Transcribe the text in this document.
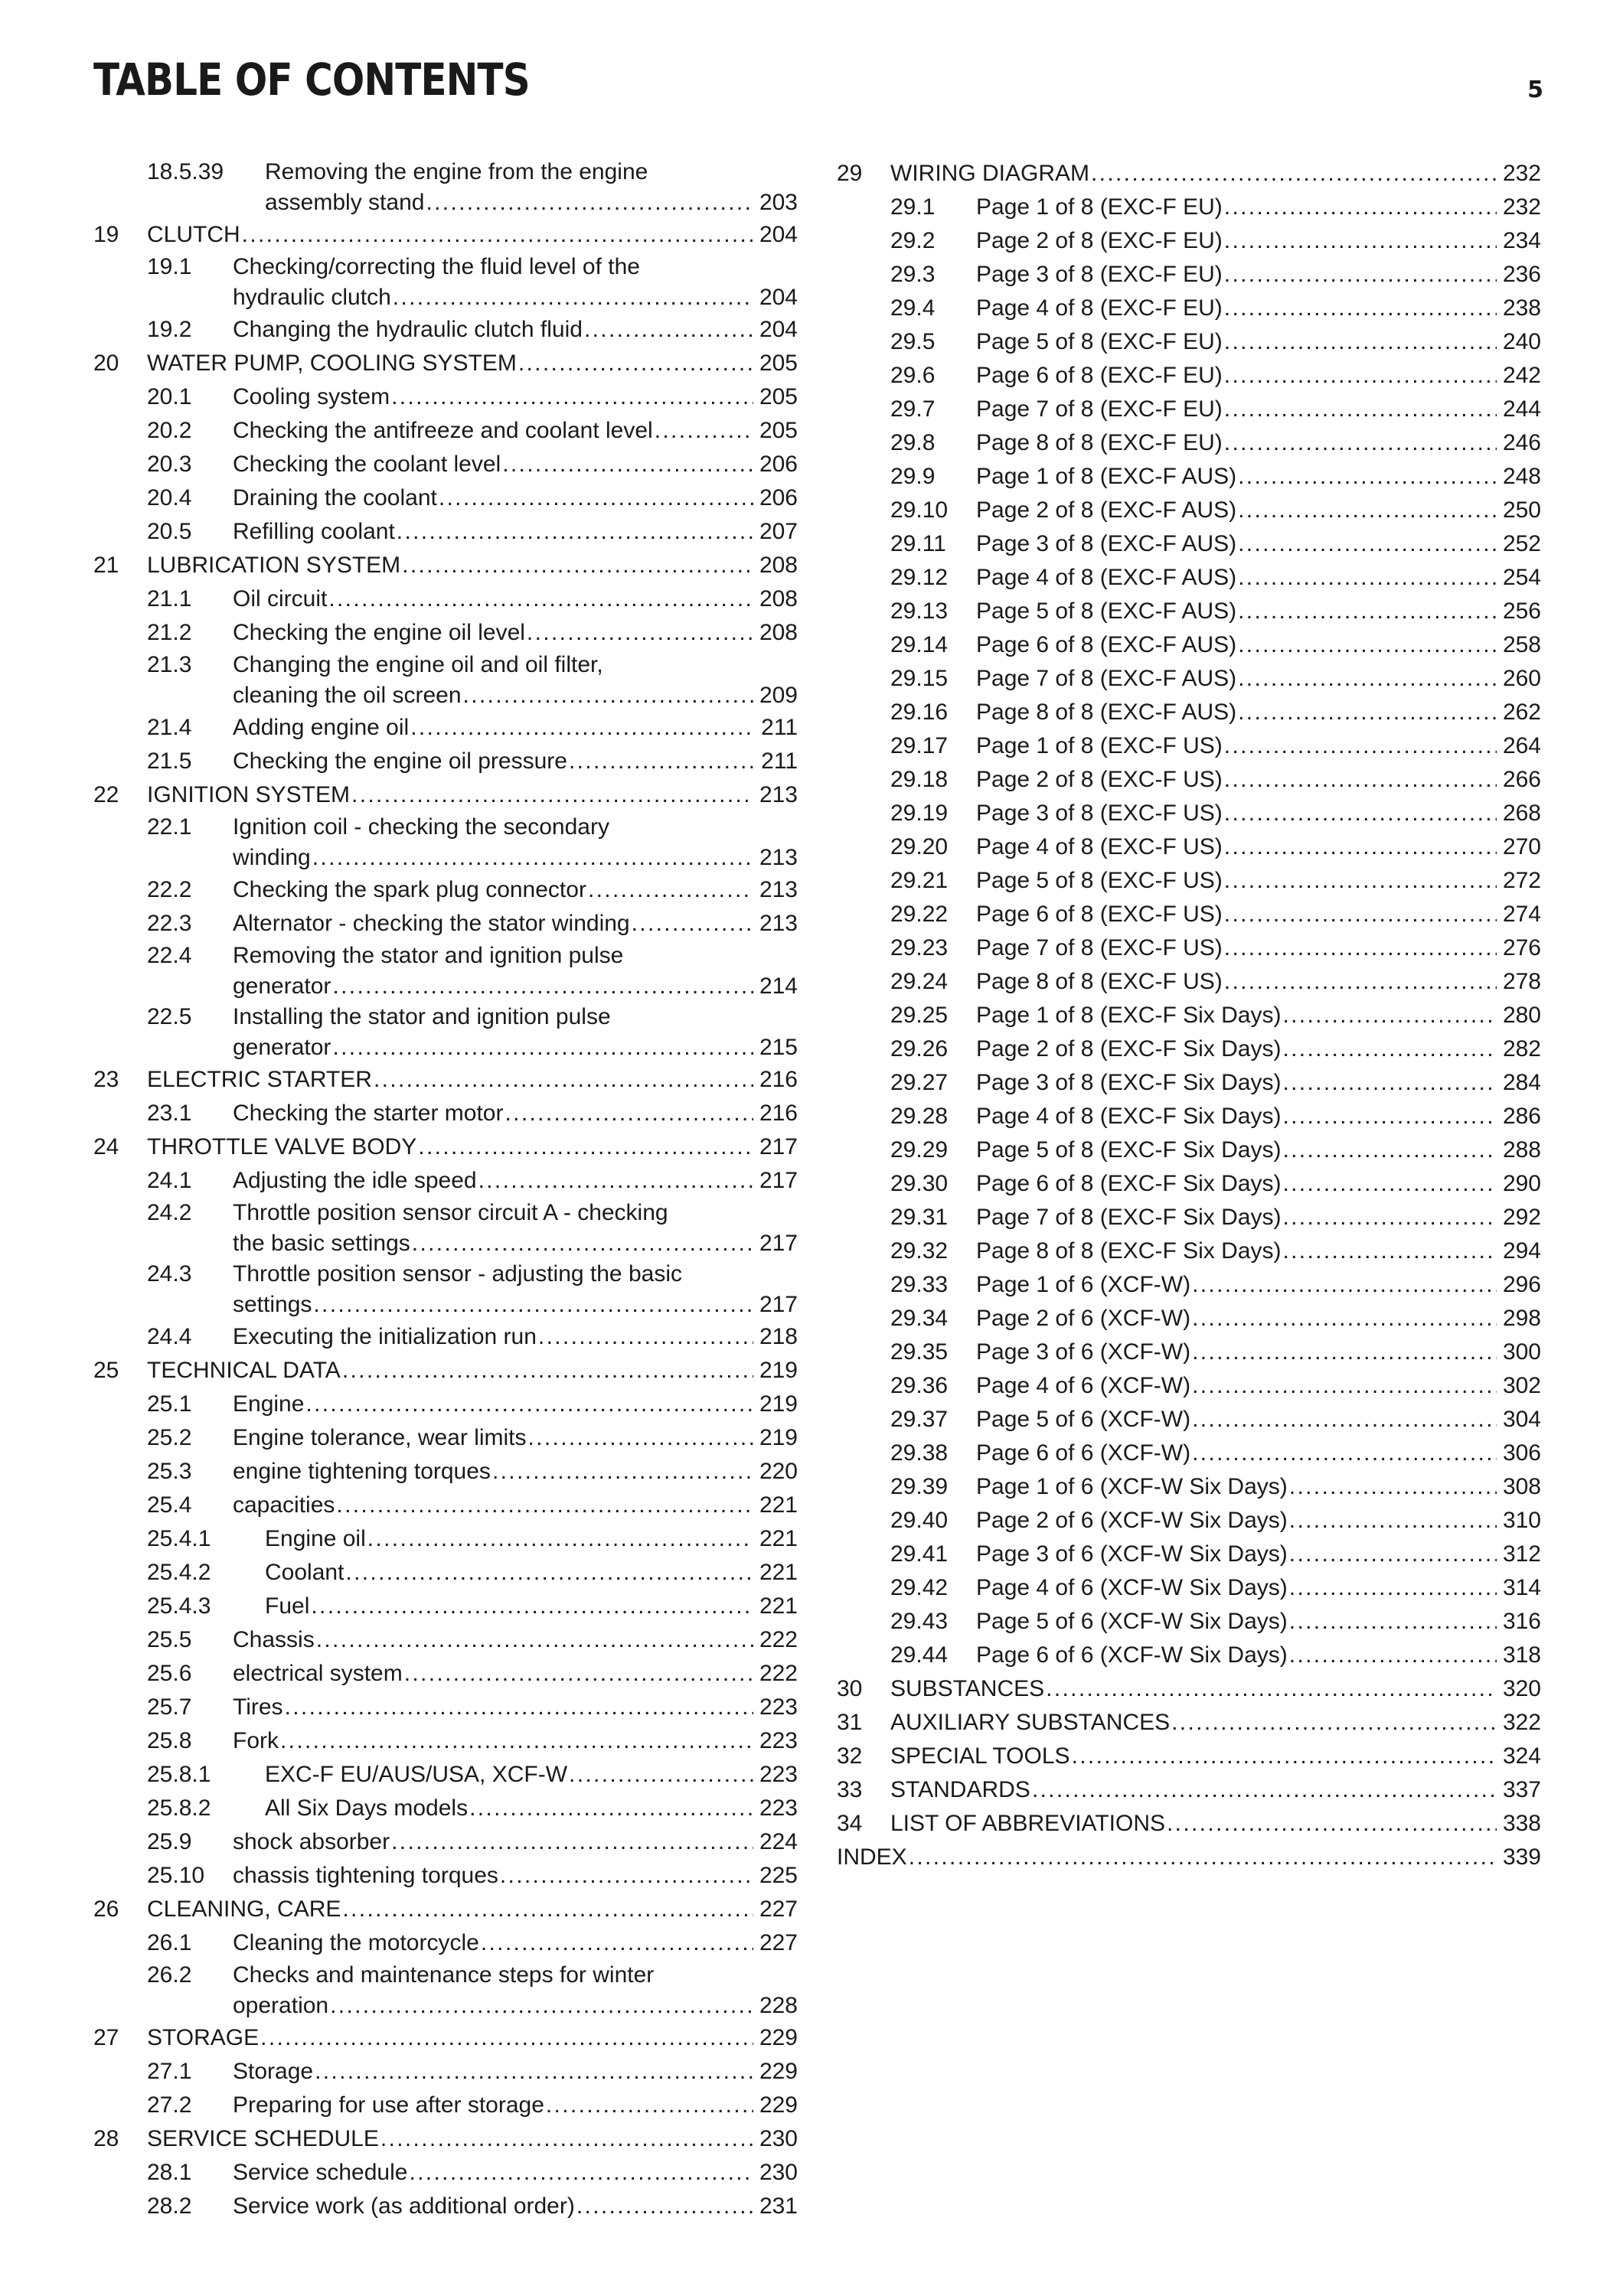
TABLE OF CONTENTS	5
18.5.39	Removing the engine from the engine
assembly stand . . .	203
19	CLUTCH . . .	204
19.1	Checking/correcting the fluid level of the
hydraulic clutch . . .	204
19.2	Changing the hydraulic clutch fluid . . .	204
20	WATER PUMP, COOLING SYSTEM . . .	205
20.1	Cooling system . . .	205
20.2	Checking the antifreeze and coolant level . . .	205
20.3	Checking the coolant level . . .	206
20.4	Draining the coolant . . .	206
20.5	Refilling coolant . . .	207
21	LUBRICATION SYSTEM . . .	208
21.1	Oil circuit . . .	208
21.2	Checking the engine oil level . . .	208
21.3	Changing the engine oil and oil filter,
cleaning the oil screen . . .	209
21.4	Adding engine oil . . .	211
21.5	Checking the engine oil pressure . . .	211
22	IGNITION SYSTEM . . .	213
22.1	Ignition coil - checking the secondary
winding . . .	213
22.2	Checking the spark plug connector . . .	213
22.3	Alternator - checking the stator winding . . .	213
22.4	Removing the stator and ignition pulse
generator . . .	214
22.5	Installing the stator and ignition pulse
generator . . .	215
23	ELECTRIC STARTER . . .	216
23.1	Checking the starter motor . . .	216
24	THROTTLE VALVE BODY . . .	217
24.1	Adjusting the idle speed . . .	217
24.2	Throttle position sensor circuit A - checking
the basic settings . . .	217
24.3	Throttle position sensor - adjusting the basic
settings . . .	217
24.4	Executing the initialization run . . .	218
25	TECHNICAL DATA . . .	219
25.1	Engine . . .	219
25.2	Engine tolerance, wear limits . . .	219
25.3	engine tightening torques . . .	220
25.4	capacities . . .	221
25.4.1	Engine oil . . .	221
25.4.2	Coolant . . .	221
25.4.3	Fuel . . .	221
25.5	Chassis . . .	222
25.6	electrical system . . .	222
25.7	Tires . . .	223
25.8	Fork . . .	223
25.8.1	EXC-F EU/AUS/USA, XCF-W . . .	223
25.8.2	All Six Days models . . .	223
25.9	shock absorber . . .	224
25.10	chassis tightening torques . . .	225
26	CLEANING, CARE . . .	227
26.1	Cleaning the motorcycle . . .	227
26.2	Checks and maintenance steps for winter
operation . . .	228
27	STORAGE . . .	229
27.1	Storage . . .	229
27.2	Preparing for use after storage . . .	229
28	SERVICE SCHEDULE . . .	230
28.1	Service schedule . . .	230
28.2	Service work (as additional order) . . .	231
29	WIRING DIAGRAM . . .	232
29.1	Page 1 of 8 (EXC-F EU) . . .	232
29.2	Page 2 of 8 (EXC-F EU) . . .	234
29.3	Page 3 of 8 (EXC-F EU) . . .	236
29.4	Page 4 of 8 (EXC-F EU) . . .	238
29.5	Page 5 of 8 (EXC-F EU) . . .	240
29.6	Page 6 of 8 (EXC-F EU) . . .	242
29.7	Page 7 of 8 (EXC-F EU) . . .	244
29.8	Page 8 of 8 (EXC-F EU) . . .	246
29.9	Page 1 of 8 (EXC-F AUS) . . .	248
29.10	Page 2 of 8 (EXC-F AUS) . . .	250
29.11	Page 3 of 8 (EXC-F AUS) . . .	252
29.12	Page 4 of 8 (EXC-F AUS) . . .	254
29.13	Page 5 of 8 (EXC-F AUS) . . .	256
29.14	Page 6 of 8 (EXC-F AUS) . . .	258
29.15	Page 7 of 8 (EXC-F AUS) . . .	260
29.16	Page 8 of 8 (EXC-F AUS) . . .	262
29.17	Page 1 of 8 (EXC-F US) . . .	264
29.18	Page 2 of 8 (EXC-F US) . . .	266
29.19	Page 3 of 8 (EXC-F US) . . .	268
29.20	Page 4 of 8 (EXC-F US) . . .	270
29.21	Page 5 of 8 (EXC-F US) . . .	272
29.22	Page 6 of 8 (EXC-F US) . . .	274
29.23	Page 7 of 8 (EXC-F US) . . .	276
29.24	Page 8 of 8 (EXC-F US) . . .	278
29.25	Page 1 of 8 (EXC-F Six Days) . . .	280
29.26	Page 2 of 8 (EXC-F Six Days) . . .	282
29.27	Page 3 of 8 (EXC-F Six Days) . . .	284
29.28	Page 4 of 8 (EXC-F Six Days) . . .	286
29.29	Page 5 of 8 (EXC-F Six Days) . . .	288
29.30	Page 6 of 8 (EXC-F Six Days) . . .	290
29.31	Page 7 of 8 (EXC-F Six Days) . . .	292
29.32	Page 8 of 8 (EXC-F Six Days) . . .	294
29.33	Page 1 of 6 (XCF-W) . . .	296
29.34	Page 2 of 6 (XCF-W) . . .	298
29.35	Page 3 of 6 (XCF-W) . . .	300
29.36	Page 4 of 6 (XCF-W) . . .	302
29.37	Page 5 of 6 (XCF-W) . . .	304
29.38	Page 6 of 6 (XCF-W) . . .	306
29.39	Page 1 of 6 (XCF-W Six Days) . . .	308
29.40	Page 2 of 6 (XCF-W Six Days) . . .	310
29.41	Page 3 of 6 (XCF-W Six Days) . . .	312
29.42	Page 4 of 6 (XCF-W Six Days) . . .	314
29.43	Page 5 of 6 (XCF-W Six Days) . . .	316
29.44	Page 6 of 6 (XCF-W Six Days) . . .	318
30	SUBSTANCES . . .	320
31	AUXILIARY SUBSTANCES . . .	322
32	SPECIAL TOOLS . . .	324
33	STANDARDS . . .	337
34	LIST OF ABBREVIATIONS . . .	338
INDEX . . .	339
